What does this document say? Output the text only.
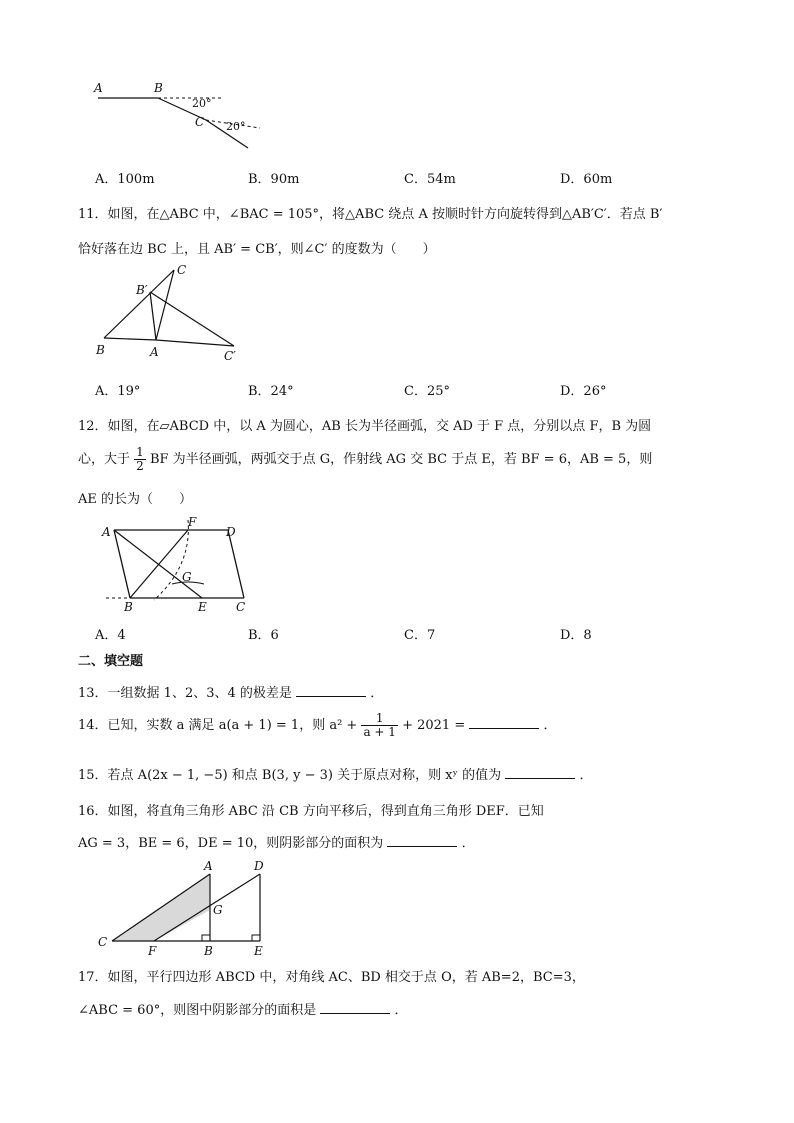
A	B
C
20°
20°
A．100m	B．90m	C．54m	D．60m
11．如图，在△ABC 中，∠BAC = 105°，将△ABC 绕点 A 按顺时针方向旋转得到△AB′C′．若点 B′
恰好落在边 BC 上，且 AB′ = CB′，则∠C′ 的度数为（　　）
C
B′
B	A	C′
A．19°	B．24°	C．25°	D．26°
12．如图，在▱ABCD 中，以 A 为圆心，AB 长为半径画弧，交 AD 于 F 点，分别以点 F，B 为圆
心，大于 $\frac{1}{2}$ BF 为半径画弧，两弧交于点 G，作射线 AG 交 BC 于点 E，若 BF = 6，AB = 5，则
AE 的长为（　　）
A
F
D
G
B	E C
A．4	B．6	C．7	D．8
二、填空题
13．一组数据 1、2、3、4 的极差是	．
14．已知，实数 a 满足 a(a + 1) = 1，则 $a^2 + \frac{1}{a + 1} + 2021$ =	．
15．若点 A(2x − 1, −5) 和点 B(3, y − 3) 关于原点对称，则 xʸ 的值为	．
16．如图，将直角三角形 ABC 沿 CB 方向平移后，得到直角三角形 DEF．已知
AG = 3，BE = 6，DE = 10，则阴影部分的面积为	．
A	D
G
C
F	B	E
17．如图，平行四边形 ABCD 中，对角线 AC、BD 相交于点 O，若 AB=2，BC=3，
∠ABC = 60°，则图中阴影部分的面积是	．
